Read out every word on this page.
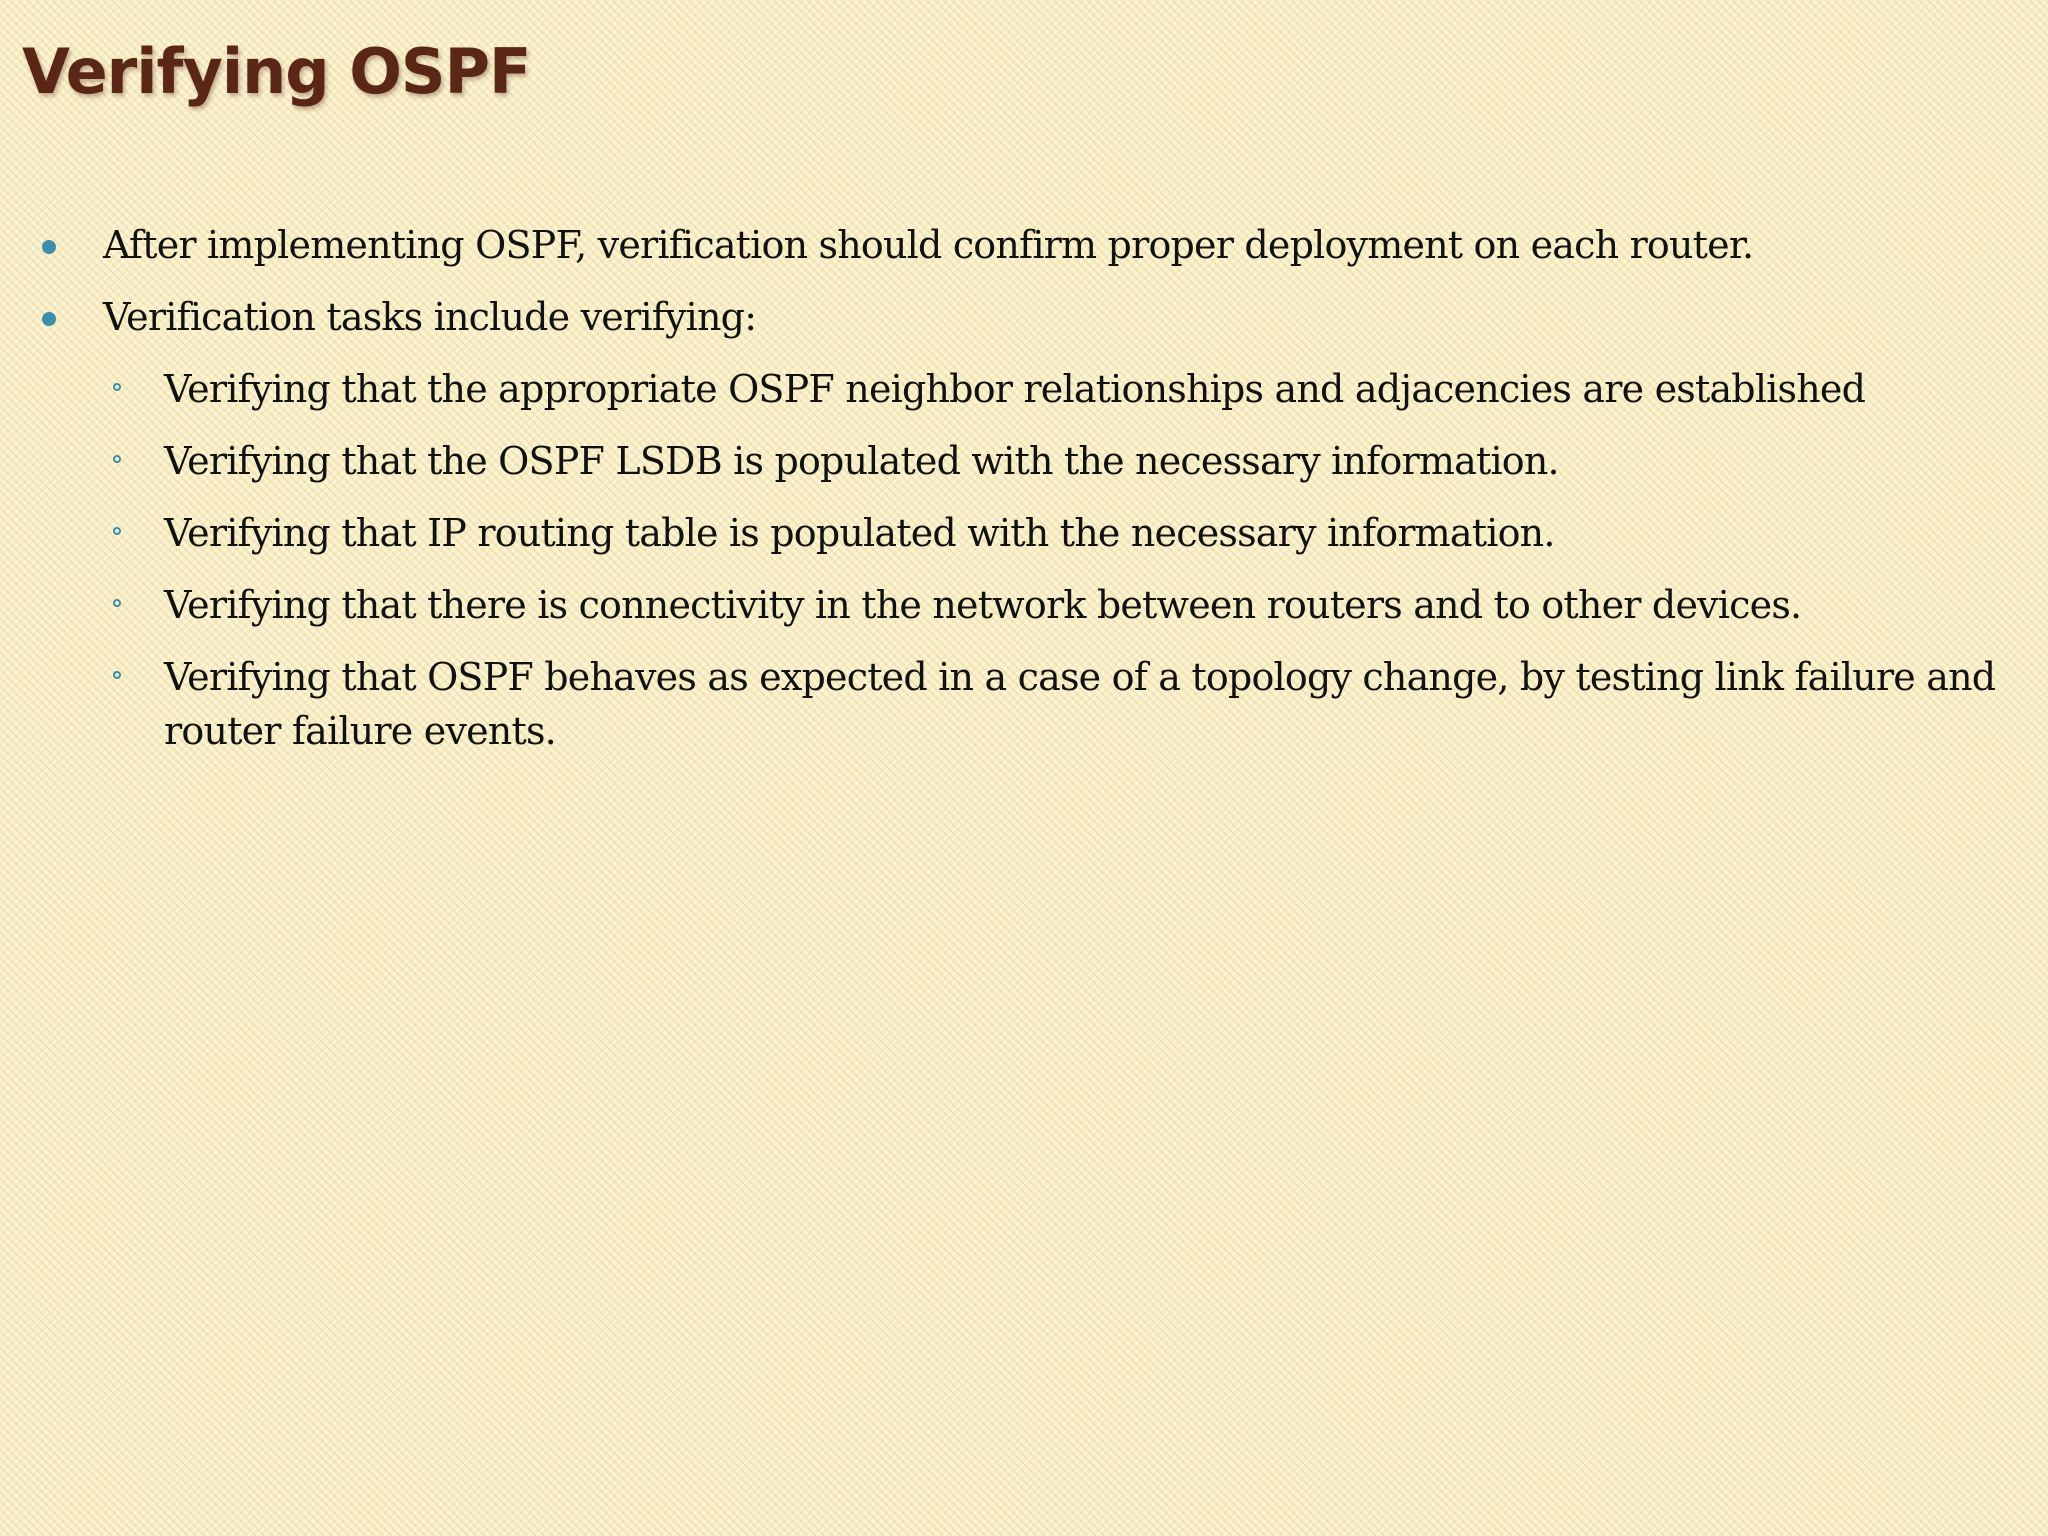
Verifying OSPF
After implementing OSPF, verification should confirm proper deployment on each router.
Verification tasks include verifying:
Verifying that the appropriate OSPF neighbor relationships and adjacencies are established
Verifying that the OSPF LSDB is populated with the necessary information.
Verifying that IP routing table is populated with the necessary information.
Verifying that there is connectivity in the network between routers and to other devices.
Verifying that OSPF behaves as expected in a case of a topology change, by testing link failure and router failure events.
